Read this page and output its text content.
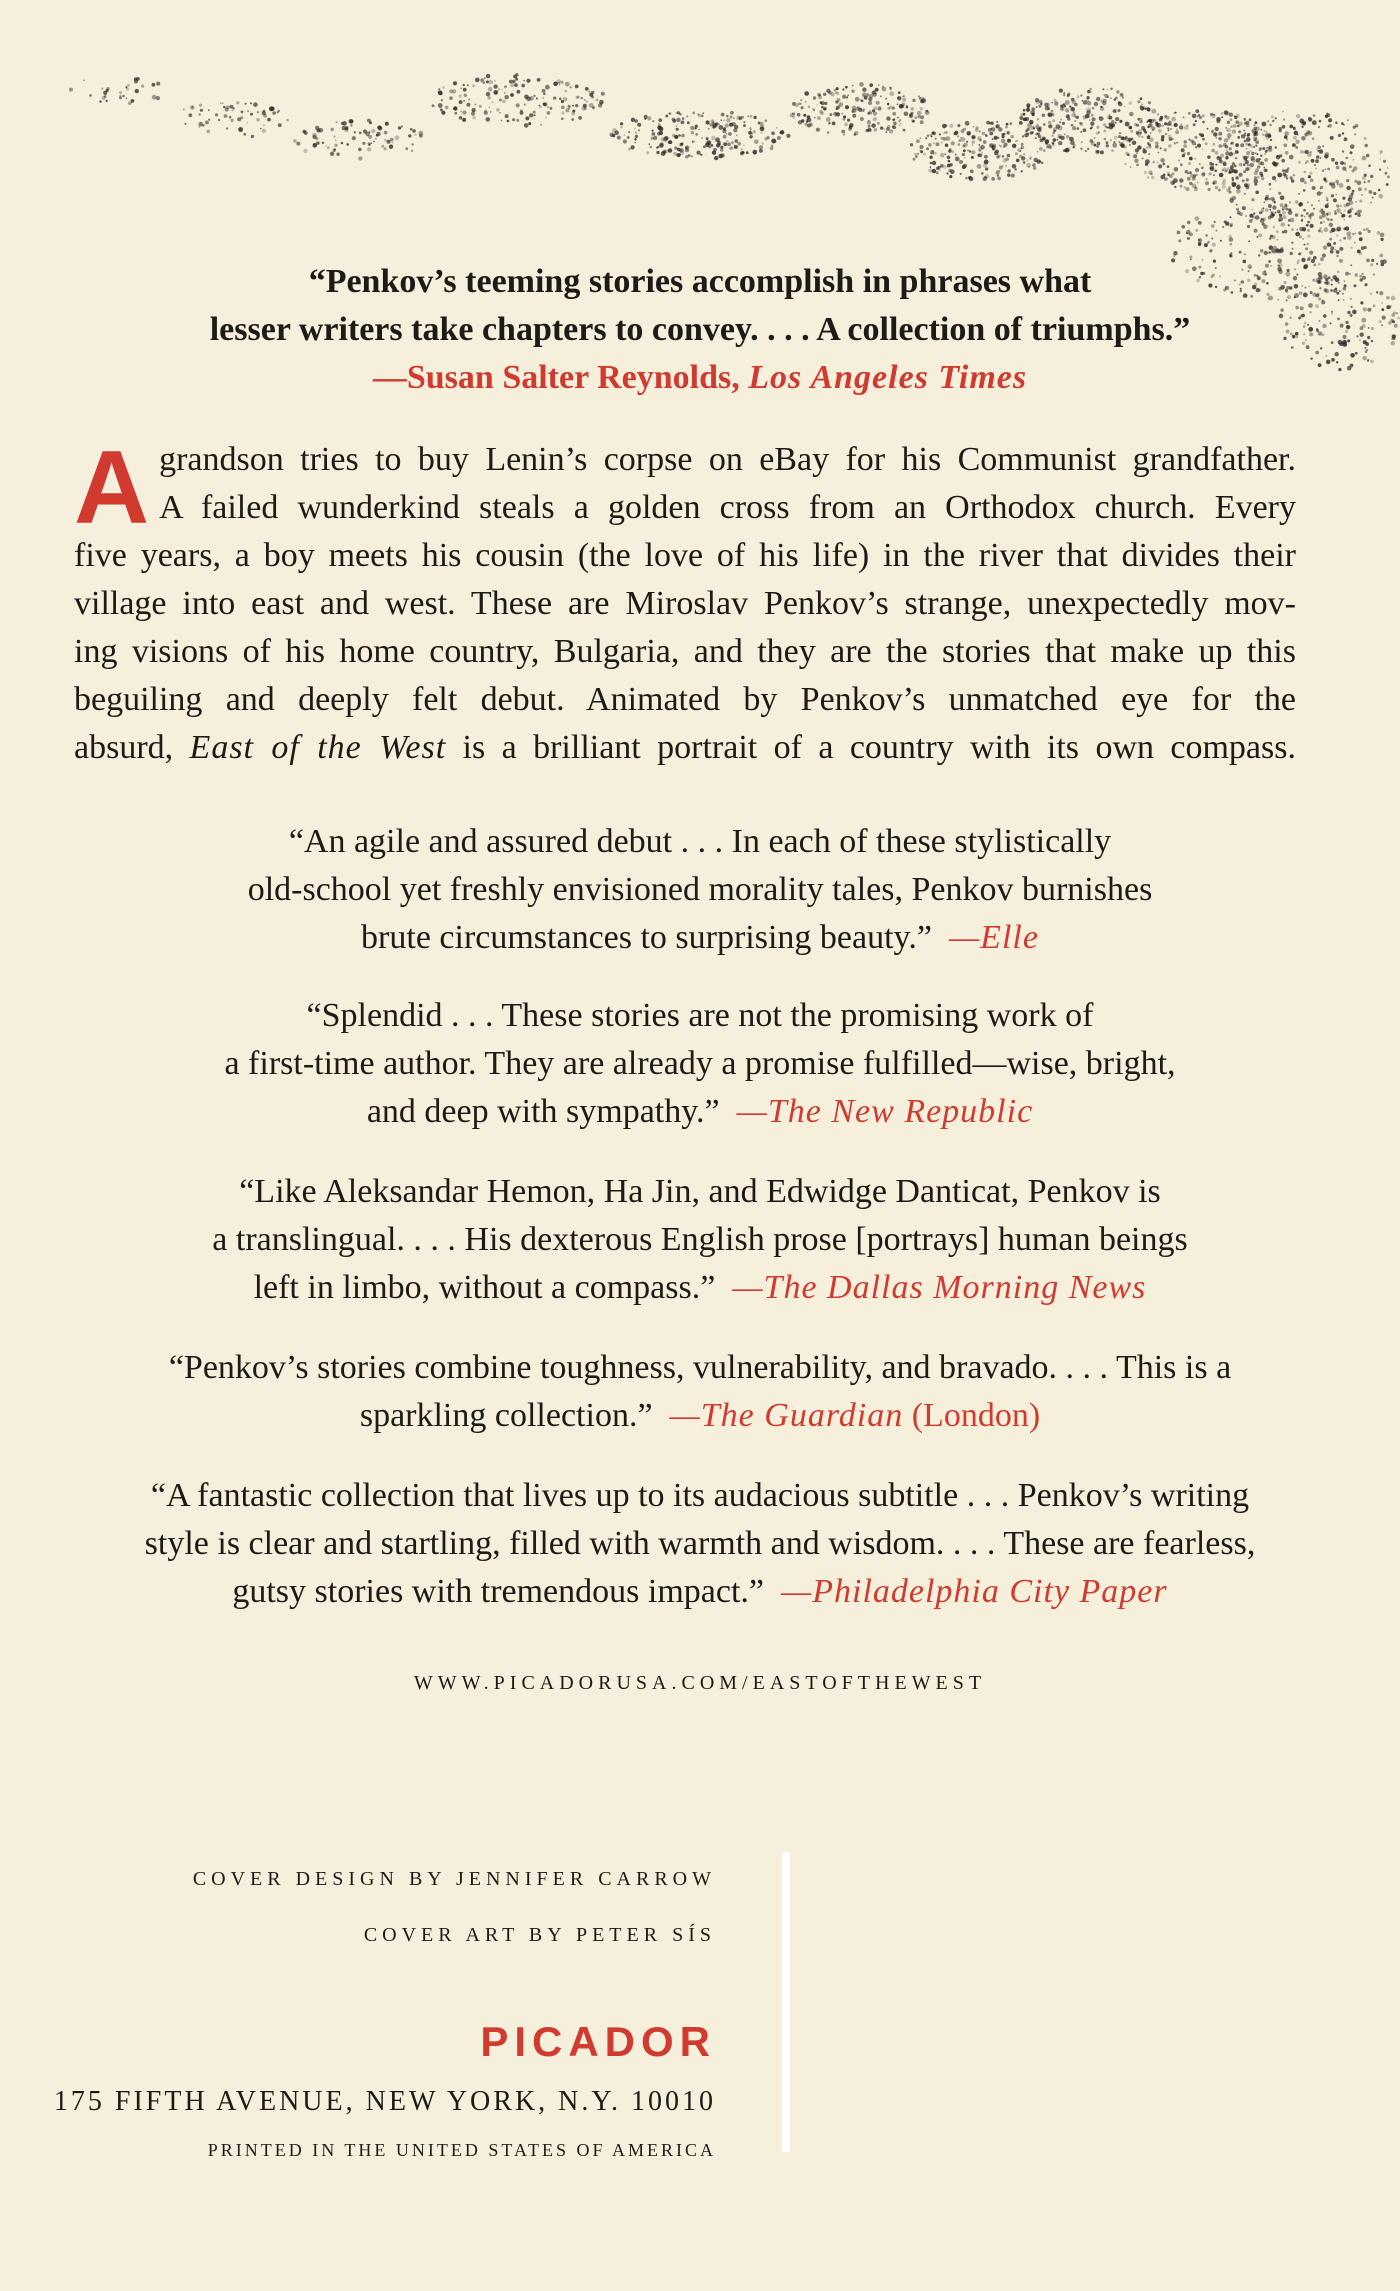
“Penkov’s teeming stories accomplish in phrases what
lesser writers take chapters to convey. . . . A collection of triumphs.”
—Susan Salter Reynolds, Los Angeles Times
A grandson tries to buy Lenin’s corpse on eBay for his Communist grandfather.
A failed wunderkind steals a golden cross from an Orthodox church. Every
five years, a boy meets his cousin (the love of his life) in the river that divides their
village into east and west. These are Miroslav Penkov’s strange, unexpectedly mov-
ing visions of his home country, Bulgaria, and they are the stories that make up this
beguiling and deeply felt debut. Animated by Penkov’s unmatched eye for the
absurd, East of the West is a brilliant portrait of a country with its own compass.
“An agile and assured debut . . . In each of these stylistically
old-school yet freshly envisioned morality tales, Penkov burnishes
brute circumstances to surprising beauty.” —Elle
“Splendid . . . These stories are not the promising work of
a first-time author. They are already a promise fulfilled—wise, bright,
and deep with sympathy.” —The New Republic
“Like Aleksandar Hemon, Ha Jin, and Edwidge Danticat, Penkov is
a translingual. . . . His dexterous English prose [portrays] human beings
left in limbo, without a compass.” —The Dallas Morning News
“Penkov’s stories combine toughness, vulnerability, and bravado. . . . This is a
sparkling collection.” —The Guardian (London)
“A fantastic collection that lives up to its audacious subtitle . . . Penkov’s writing
style is clear and startling, filled with warmth and wisdom. . . . These are fearless,
gutsy stories with tremendous impact.” —Philadelphia City Paper
WWW.PICADORUSA.COM/EASTOFTHEWEST
COVER DESIGN BY JENNIFER CARROW
COVER ART BY PETER SÍS
PICADOR
175 FIFTH AVENUE, NEW YORK, N.Y. 10010
PRINTED IN THE UNITED STATES OF AMERICA
